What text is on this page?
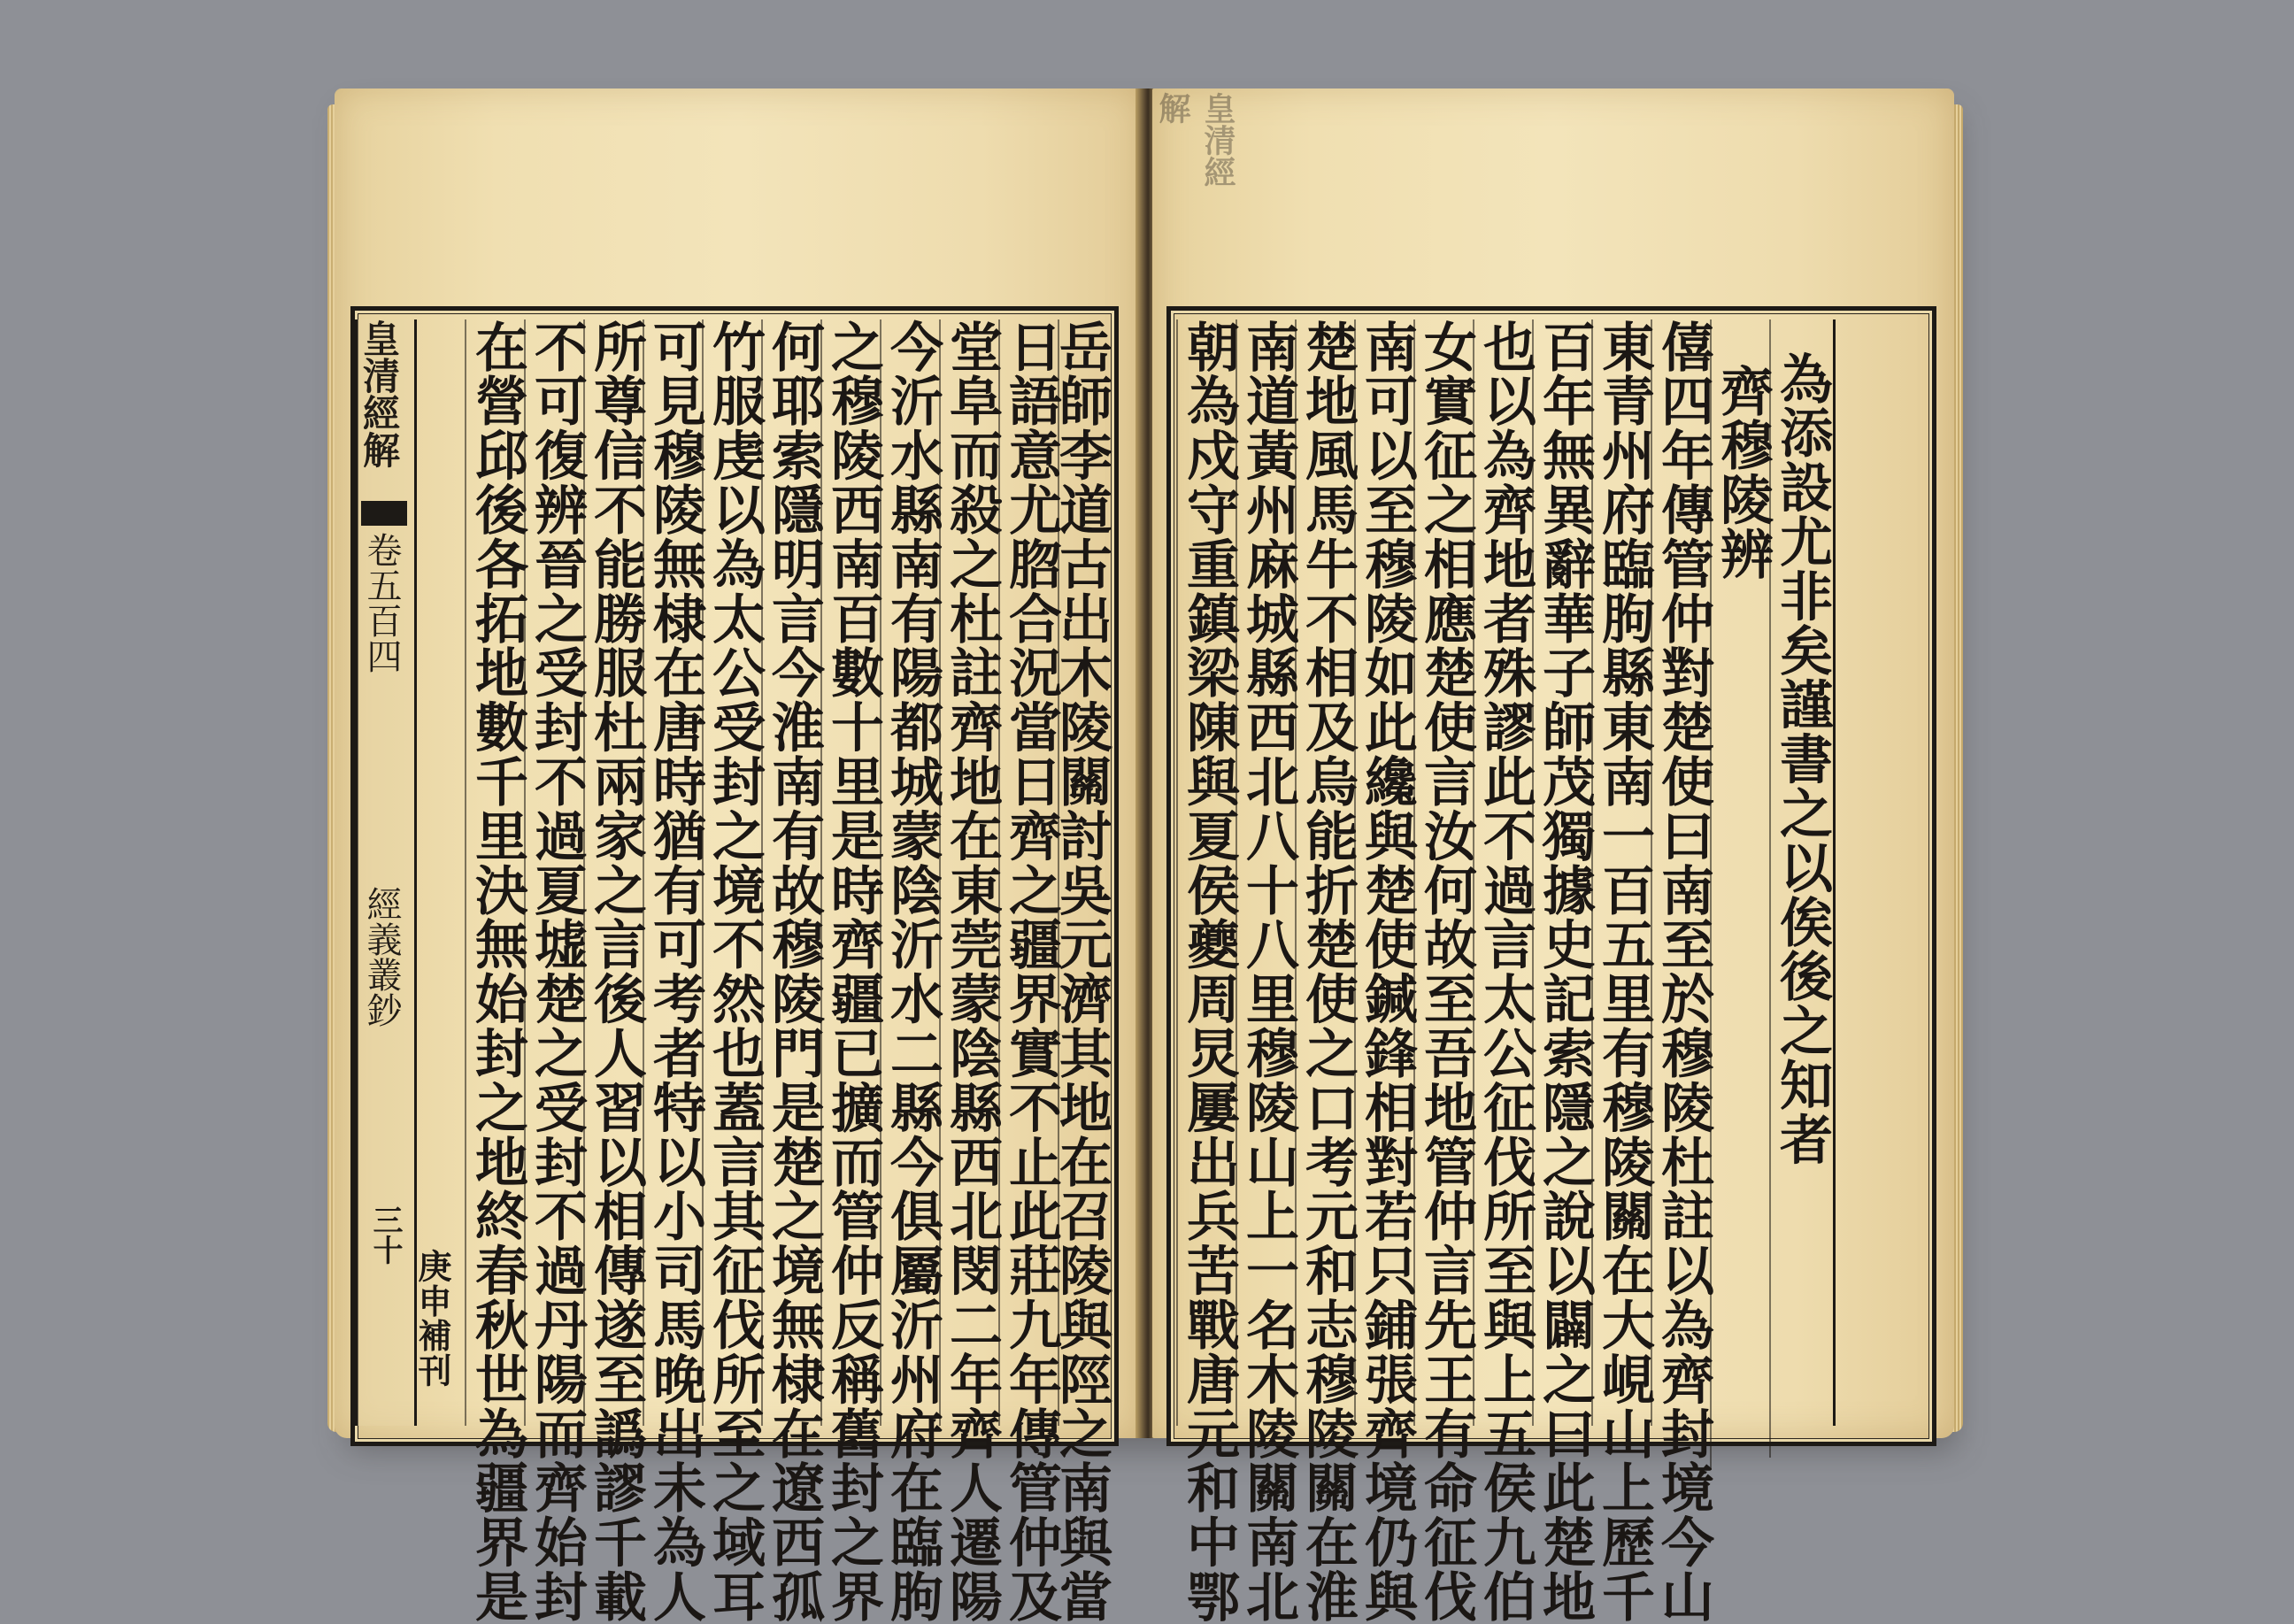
皇清經解
卷五百四
經義叢鈔
三十
庚申補刊 在營邱後各拓地數千里決無始封之地終春秋世為疆界是
不可復辨晉之受封不過夏墟楚之受封不過丹陽而齊始封
所尊信不能勝服杜兩家之言後人習以相傳遂至譌謬千載
可見穆陵無棣在唐時猶有可考者特以小司馬晚出未為人
竹服虔以為太公受封之境不然也蓋言其征伐所至之域耳
何耶索隱明言今淮南有故穆陵門是楚之境無棣在遼西孤
之穆陵西南百數十里是時齊疆已擴而管仲反稱舊封之界
今沂水縣南有陽都城蒙陰沂水二縣今俱屬沂州府在臨朐
堂阜而殺之杜註齊地在東莞蒙陰縣西北閔二年齊人遷陽
日語意尤脗合況當日齊之疆界實不止此莊九年傳管仲及
岳師李道古出木陵關討吳元濟其地在召陵與陘之南與當
皇清經解
朝為戍守重鎮梁陳與夏侯夔周炅屢出兵苦戰唐元和中鄂
南道黃州麻城縣西北八十八里穆陵山上一名木陵關南北
楚地風馬牛不相及烏能折楚使之口考元和志穆陵關在淮
南可以至穆陵如此纔與楚使鍼鋒相對若只鋪張齊境仍與
女實征之相應楚使言汝何故至吾地管仲言先王有命征伐
也以為齊地者殊謬此不過言太公征伐所至與上五侯九伯
百年無異辭華子師茂獨據史記索隱之說以闢之曰此楚地
東青州府臨朐縣東南一百五里有穆陵關在大峴山上歷千
僖四年傳管仲對楚使曰南至於穆陵杜註以為齊封境今山
齊穆陵辨
為添設尤非矣謹書之以俟後之知者
